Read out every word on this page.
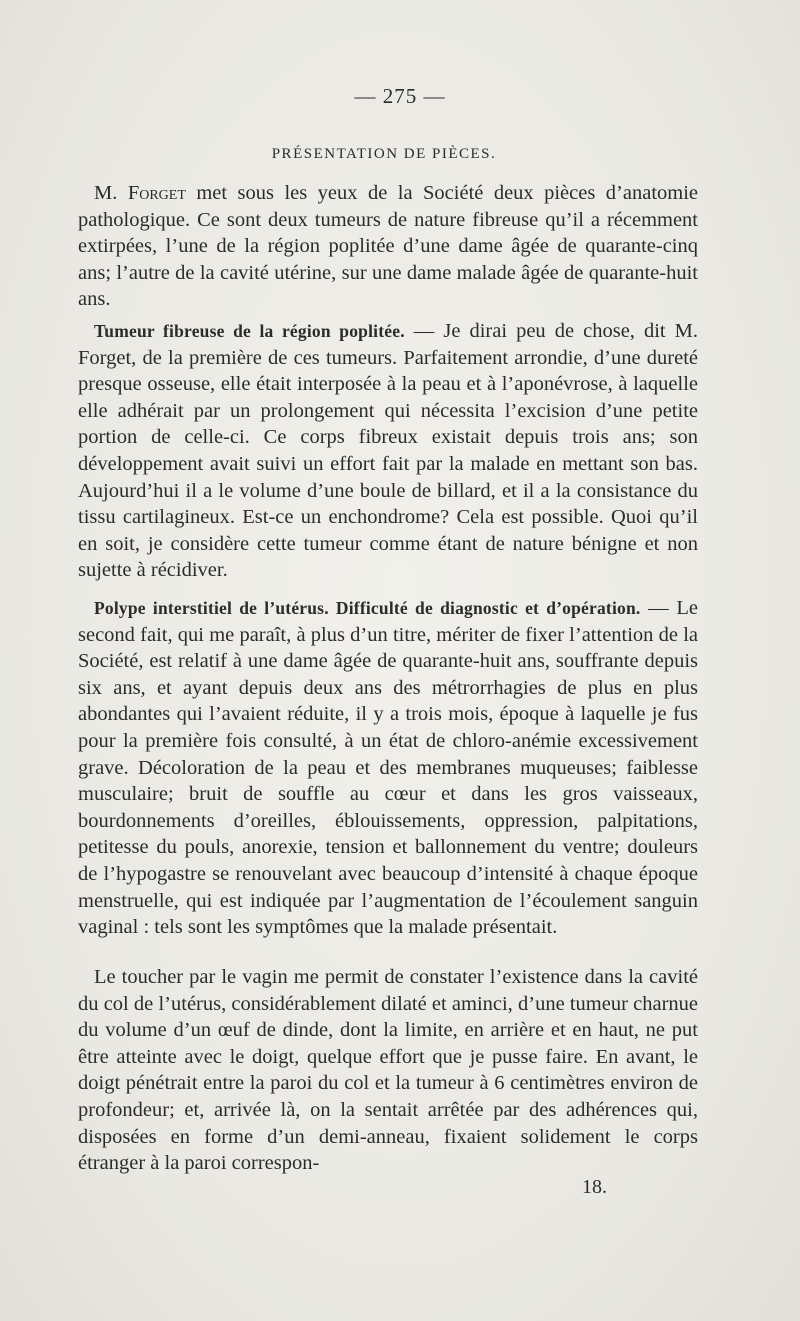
— 275 —
PRÉSENTATION DE PIÈCES.

M. Forget met sous les yeux de la Société deux pièces d’anatomie pathologique. Ce sont deux tumeurs de nature fibreuse qu’il a récemment extirpées, l’une de la région poplitée d’une dame âgée de quarante-cinq ans; l’autre de la cavité utérine, sur une dame malade âgée de quarante-huit ans.

Tumeur fibreuse de la région poplitée. — Je dirai peu de chose, dit M. Forget, de la première de ces tumeurs. Parfaitement arrondie, d’une dureté presque osseuse, elle était interposée à la peau et à l’aponévrose, à laquelle elle adhérait par un prolongement qui nécessita l’excision d’une petite portion de celle-ci. Ce corps fibreux existait depuis trois ans; son développement avait suivi un effort fait par la malade en mettant son bas. Aujourd’hui il a le volume d’une boule de billard, et il a la consistance du tissu cartilagineux. Est-ce un enchondrome? Cela est possible. Quoi qu’il en soit, je considère cette tumeur comme étant de nature bénigne et non sujette à récidiver.

Polype interstitiel de l’utérus. Difficulté de diagnostic et d’opération. — Le second fait, qui me paraît, à plus d’un titre, mériter de fixer l’attention de la Société, est relatif à une dame âgée de quarante-huit ans, souffrante depuis six ans, et ayant depuis deux ans des métrorrhagies de plus en plus abondantes qui l’avaient réduite, il y a trois mois, époque à laquelle je fus pour la première fois consulté, à un état de chloro-anémie excessivement grave. Décoloration de la peau et des membranes muqueuses; faiblesse musculaire; bruit de souffle au cœur et dans les gros vaisseaux, bourdonnements d’oreilles, éblouissements, oppression, palpitations, petitesse du pouls, anorexie, tension et ballonnement du ventre; douleurs de l’hypogastre se renouvelant avec beaucoup d’intensité à chaque époque menstruelle, qui est indiquée par l’augmentation de l’écoulement sanguin vaginal : tels sont les symptômes que la malade présentait.

Le toucher par le vagin me permit de constater l’existence dans la cavité du col de l’utérus, considérablement dilaté et aminci, d’une tumeur charnue du volume d’un œuf de dinde, dont la limite, en arrière et en haut, ne put être atteinte avec le doigt, quelque effort que je pusse faire. En avant, le doigt pénétrait entre la paroi du col et la tumeur à 6 centimètres environ de profondeur; et, arrivée là, on la sentait arrêtée par des adhérences qui, disposées en forme d’un demi-anneau, fixaient solidement le corps étranger à la paroi correspon-

18.
